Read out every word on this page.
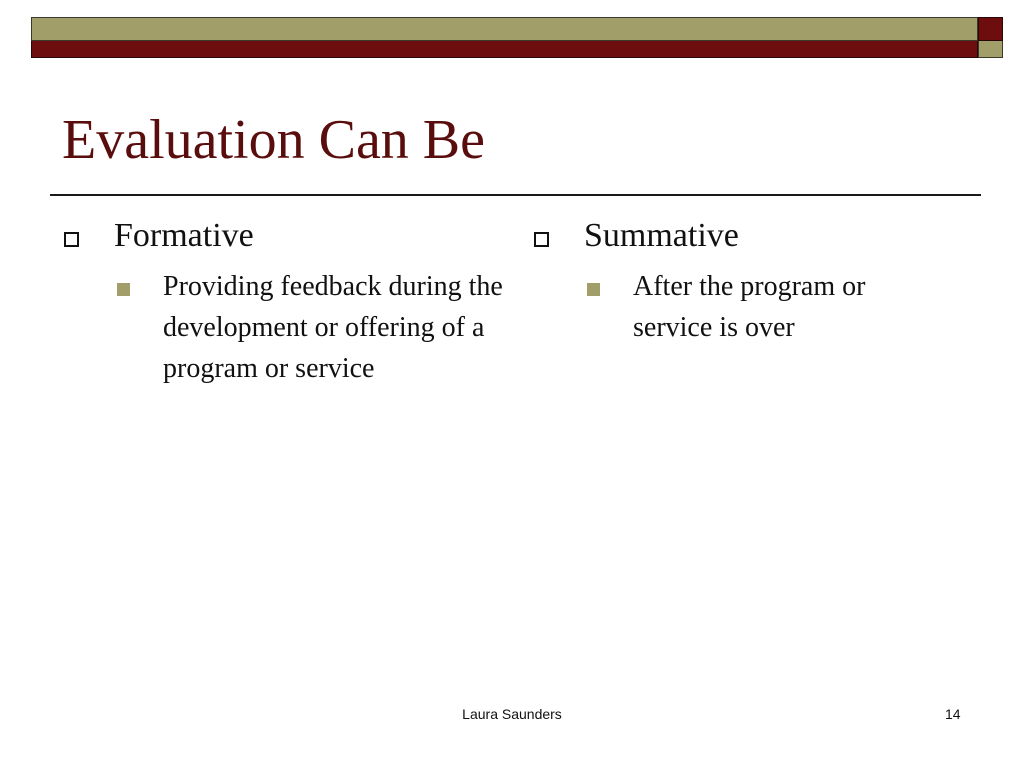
Evaluation Can Be
Formative
Providing feedback during the development or offering of a program or service
Summative
After the program or service is over
Laura Saunders	14
